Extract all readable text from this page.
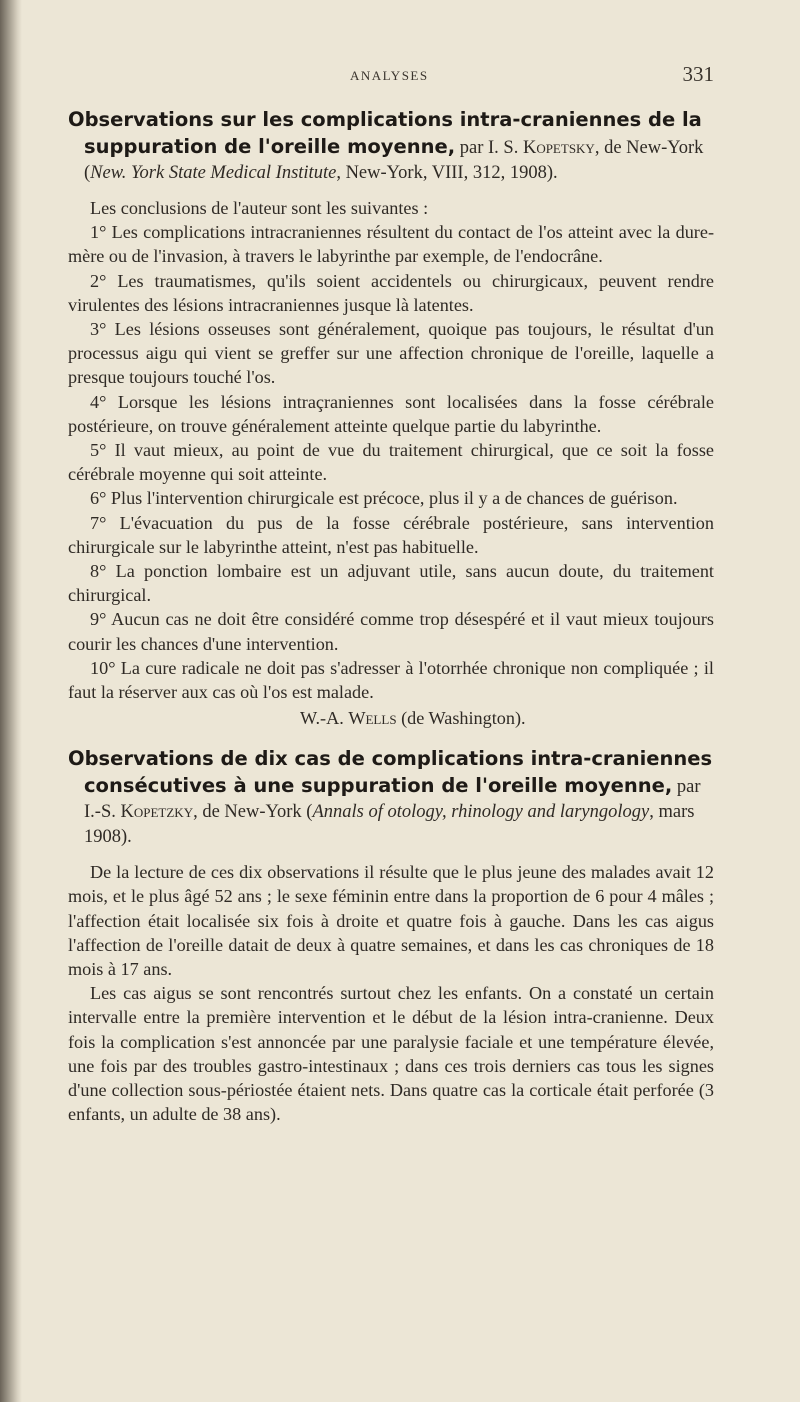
ANALYSES	331
Observations sur les complications intra-craniennes de la suppuration de l'oreille moyenne, par I. S. Kopetsky, de New-York (New. York State Medical Institute, New-York, VIII, 312, 1908).

Les conclusions de l'auteur sont les suivantes :

1° Les complications intracraniennes résultent du contact de l'os atteint avec la dure-mère ou de l'invasion, à travers le labyrinthe par exemple, de l'endocrâne.

2° Les traumatismes, qu'ils soient accidentels ou chirurgicaux, peuvent rendre virulentes des lésions intracraniennes jusque là latentes.

3° Les lésions osseuses sont généralement, quoique pas toujours, le résultat d'un processus aigu qui vient se greffer sur une affection chronique de l'oreille, laquelle a presque toujours touché l'os.

4° Lorsque les lésions intraçraniennes sont localisées dans la fosse cérébrale postérieure, on trouve généralement atteinte quelque partie du labyrinthe.

5° Il vaut mieux, au point de vue du traitement chirurgical, que ce soit la fosse cérébrale moyenne qui soit atteinte.

6° Plus l'intervention chirurgicale est précoce, plus il y a de chances de guérison.

7° L'évacuation du pus de la fosse cérébrale postérieure, sans intervention chirurgicale sur le labyrinthe atteint, n'est pas habituelle.

8° La ponction lombaire est un adjuvant utile, sans aucun doute, du traitement chirurgical.

9° Aucun cas ne doit être considéré comme trop désespéré et il vaut mieux toujours courir les chances d'une intervention.

10° La cure radicale ne doit pas s'adresser à l'otorrhée chronique non compliquée ; il faut la réserver aux cas où l'os est malade.

W.-A. Wells (de Washington).
Observations de dix cas de complications intra-craniennes consécutives à une suppuration de l'oreille moyenne, par I.-S. Kopetzky, de New-York (Annals of otology, rhinology and laryngology, mars 1908).

De la lecture de ces dix observations il résulte que le plus jeune des malades avait 12 mois, et le plus âgé 52 ans ; le sexe féminin entre dans la proportion de 6 pour 4 mâles ; l'affection était localisée six fois à droite et quatre fois à gauche. Dans les cas aigus l'affection de l'oreille datait de deux à quatre semaines, et dans les cas chroniques de 18 mois à 17 ans.

Les cas aigus se sont rencontrés surtout chez les enfants. On a constaté un certain intervalle entre la première intervention et le début de la lésion intra-cranienne. Deux fois la complication s'est annoncée par une paralysie faciale et une température élevée, une fois par des troubles gastro-intestinaux ; dans ces trois derniers cas tous les signes d'une collection sous-périostée étaient nets. Dans quatre cas la corticale était perforée (3 enfants, un adulte de 38 ans).
